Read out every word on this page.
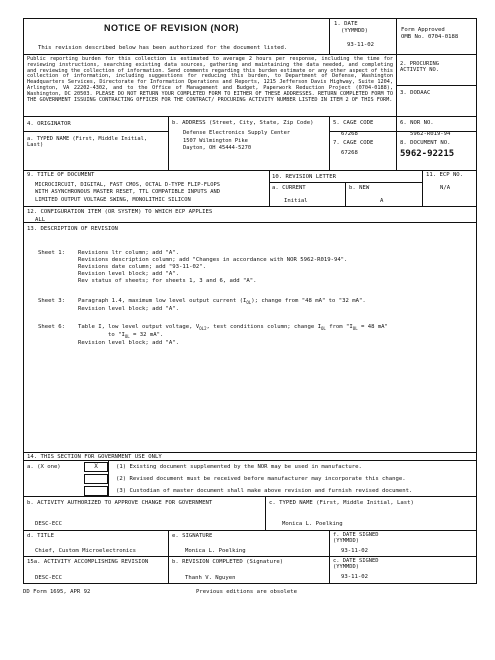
NOTICE OF REVISION (NOR)
This revision described below has been authorized for the document listed.
1. DATE
(YYMMDD)
93-11-02
Form Approved
OMB No. 0704-0188
Public reporting burden for this collection is estimated to average 2 hours per response, including the time for reviewing instructions, searching existing data sources, gathering and maintaining the data needed, and completing and reviewing the collection of information. Send comments regarding this burden estimate or any other aspect of this collection of information, including suggestions for reducing this burden, to Department of Defense, Washington Headquarters Services, Directorate for Information Operations and Reports, 1215 Jefferson Davis Highway, Suite 1204, Arlington, VA 22202-4302, and to the Office of Management and Budget, Paperwork Reduction Project (0704-0188), Washington, DC 20503. PLEASE DO NOT RETURN YOUR COMPLETED FORM TO EITHER OF THESE ADDRESSES. RETURN COMPLETED FORM TO THE GOVERNMENT ISSUING CONTRACTING OFFICER FOR THE CONTRACT/ PROCURING ACTIVITY NUMBER LISTED IN ITEM 2 OF THIS FORM.
2. PROCURING
ACTIVITY NO.
3. DODAAC
4. ORIGINATOR
a. TYPED NAME (First, Middle Initial,
Last)
b. ADDRESS (Street, City, State, Zip Code)
Defense Electronics Supply Center
1507 Wilmington Pike
Dayton, OH 45444-5270
5. CAGE CODE
67268
7. CAGE CODE
67268
6. NOR NO.
5962-R019-94
8. DOCUMENT NO.
5962-92215
9. TITLE OF DOCUMENT
MICROCIRCUIT, DIGITAL, FAST CMOS, OCTAL D-TYPE FLIP-FLOPS
WITH ASYNCHRONOUS MASTER RESET, TTL COMPATIBLE INPUTS AND
LIMITED OUTPUT VOLTAGE SWING, MONOLITHIC SILICON
10. REVISION LETTER
a. CURRENT
Initial
b. NEW
A
11. ECP NO.
N/A
12. CONFIGURATION ITEM (OR SYSTEM) TO WHICH ECP APPLIES
ALL
13. DESCRIPTION OF REVISION
Sheet 1: Revisions ltr column; add "A".
Revisions description column; add "Changes in accordance with NOR 5962-R019-94".
Revisions date column; add "93-11-02".
Revision level block; add "A".
Rev status of sheets; for sheets 1, 3 and 6, add "A".
Sheet 3: Paragraph 1.4, maximum low level output current $(I_{OL})$; change from "48 mA" to "32 mA".
Revision level block; add "A".
Sheet 6: Table I, low level output voltage, $V_{OL2}$, test conditions column; change $I_{OL}$ from "$I_{OL} = 48$ mA"
to "$I_{OL} = 32$ mA".
Revision level block; add "A".
14. THIS SECTION FOR GOVERNMENT USE ONLY
a. (X one)	X	(1) Existing document supplemented by the NOR may be used in manufacture.
(2) Revised document must be received before manufacturer may incorporate this change.
(3) Custodian of master document shall make above revision and furnish revised document.
b. ACTIVITY AUTHORIZED TO APPROVE CHANGE FOR GOVERNMENT
DESC-ECC
c. TYPED NAME (First, Middle Initial, Last)
Monica L. Poelking
d. TITLE
Chief, Custom Microelectronics
e. SIGNATURE
Monica L. Poelking
f. DATE SIGNED
(YYMMDD)
93-11-02
15a. ACTIVITY ACCOMPLISHING REVISION
DESC-ECC
b. REVISION COMPLETED (Signature)
Thanh V. Nguyen
c. DATE SIGNED
(YYMMDD)
93-11-02
DD Form 1695, APR 92	Previous editions are obsolete
